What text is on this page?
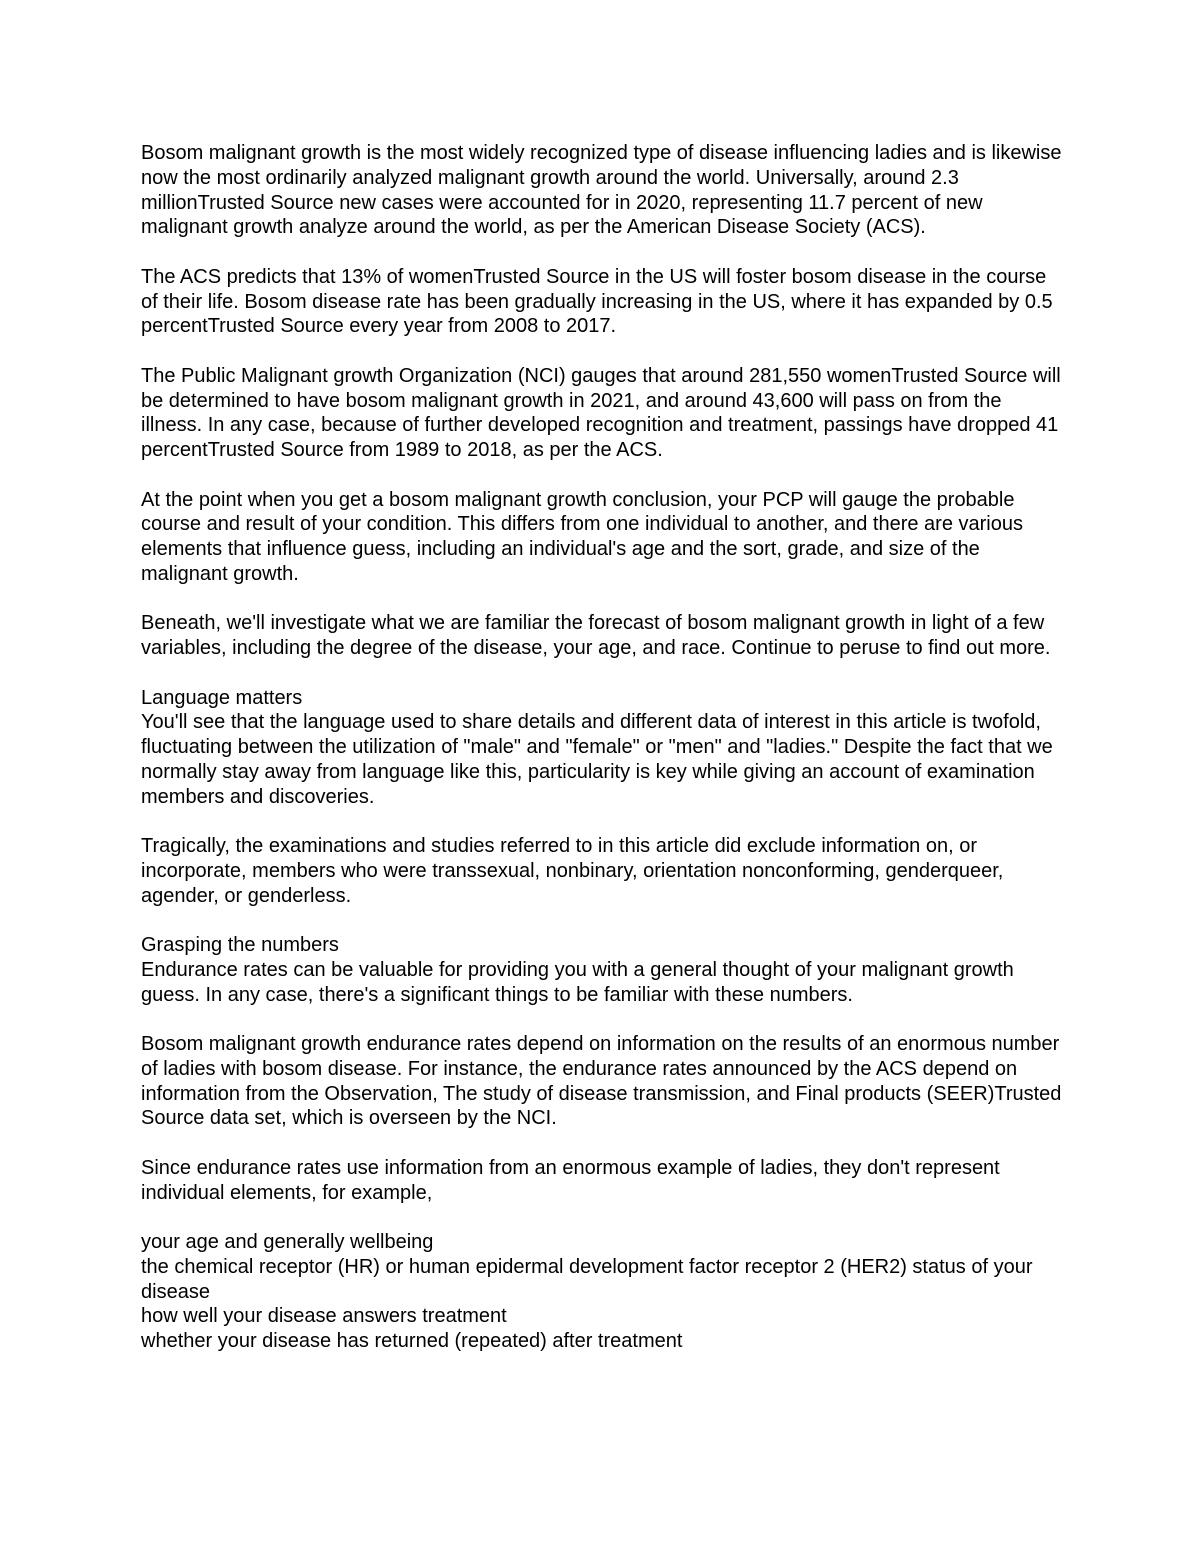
Bosom malignant growth is the most widely recognized type of disease influencing ladies and is likewise now the most ordinarily analyzed malignant growth around the world. Universally, around 2.3 millionTrusted Source new cases were accounted for in 2020, representing 11.7 percent of new malignant growth analyze around the world, as per the American Disease Society (ACS).

The ACS predicts that 13% of womenTrusted Source in the US will foster bosom disease in the course of their life. Bosom disease rate has been gradually increasing in the US, where it has expanded by 0.5 percentTrusted Source every year from 2008 to 2017.

The Public Malignant growth Organization (NCI) gauges that around 281,550 womenTrusted Source will be determined to have bosom malignant growth in 2021, and around 43,600 will pass on from the illness. In any case, because of further developed recognition and treatment, passings have dropped 41 percentTrusted Source from 1989 to 2018, as per the ACS.

At the point when you get a bosom malignant growth conclusion, your PCP will gauge the probable course and result of your condition. This differs from one individual to another, and there are various elements that influence guess, including an individual's age and the sort, grade, and size of the malignant growth.

Beneath, we'll investigate what we are familiar the forecast of bosom malignant growth in light of a few variables, including the degree of the disease, your age, and race. Continue to peruse to find out more.

Language matters

You'll see that the language used to share details and different data of interest in this article is twofold, fluctuating between the utilization of "male" and "female" or "men" and "ladies." Despite the fact that we normally stay away from language like this, particularity is key while giving an account of examination members and discoveries.

Tragically, the examinations and studies referred to in this article did exclude information on, or incorporate, members who were transsexual, nonbinary, orientation nonconforming, genderqueer, agender, or genderless.

Grasping the numbers

Endurance rates can be valuable for providing you with a general thought of your malignant growth guess. In any case, there's a significant things to be familiar with these numbers.

Bosom malignant growth endurance rates depend on information on the results of an enormous number of ladies with bosom disease. For instance, the endurance rates announced by the ACS depend on information from the Observation, The study of disease transmission, and Final products (SEER)Trusted Source data set, which is overseen by the NCI.

Since endurance rates use information from an enormous example of ladies, they don't represent individual elements, for example,

your age and generally wellbeing
the chemical receptor (HR) or human epidermal development factor receptor 2 (HER2) status of your disease
how well your disease answers treatment
whether your disease has returned (repeated) after treatment
